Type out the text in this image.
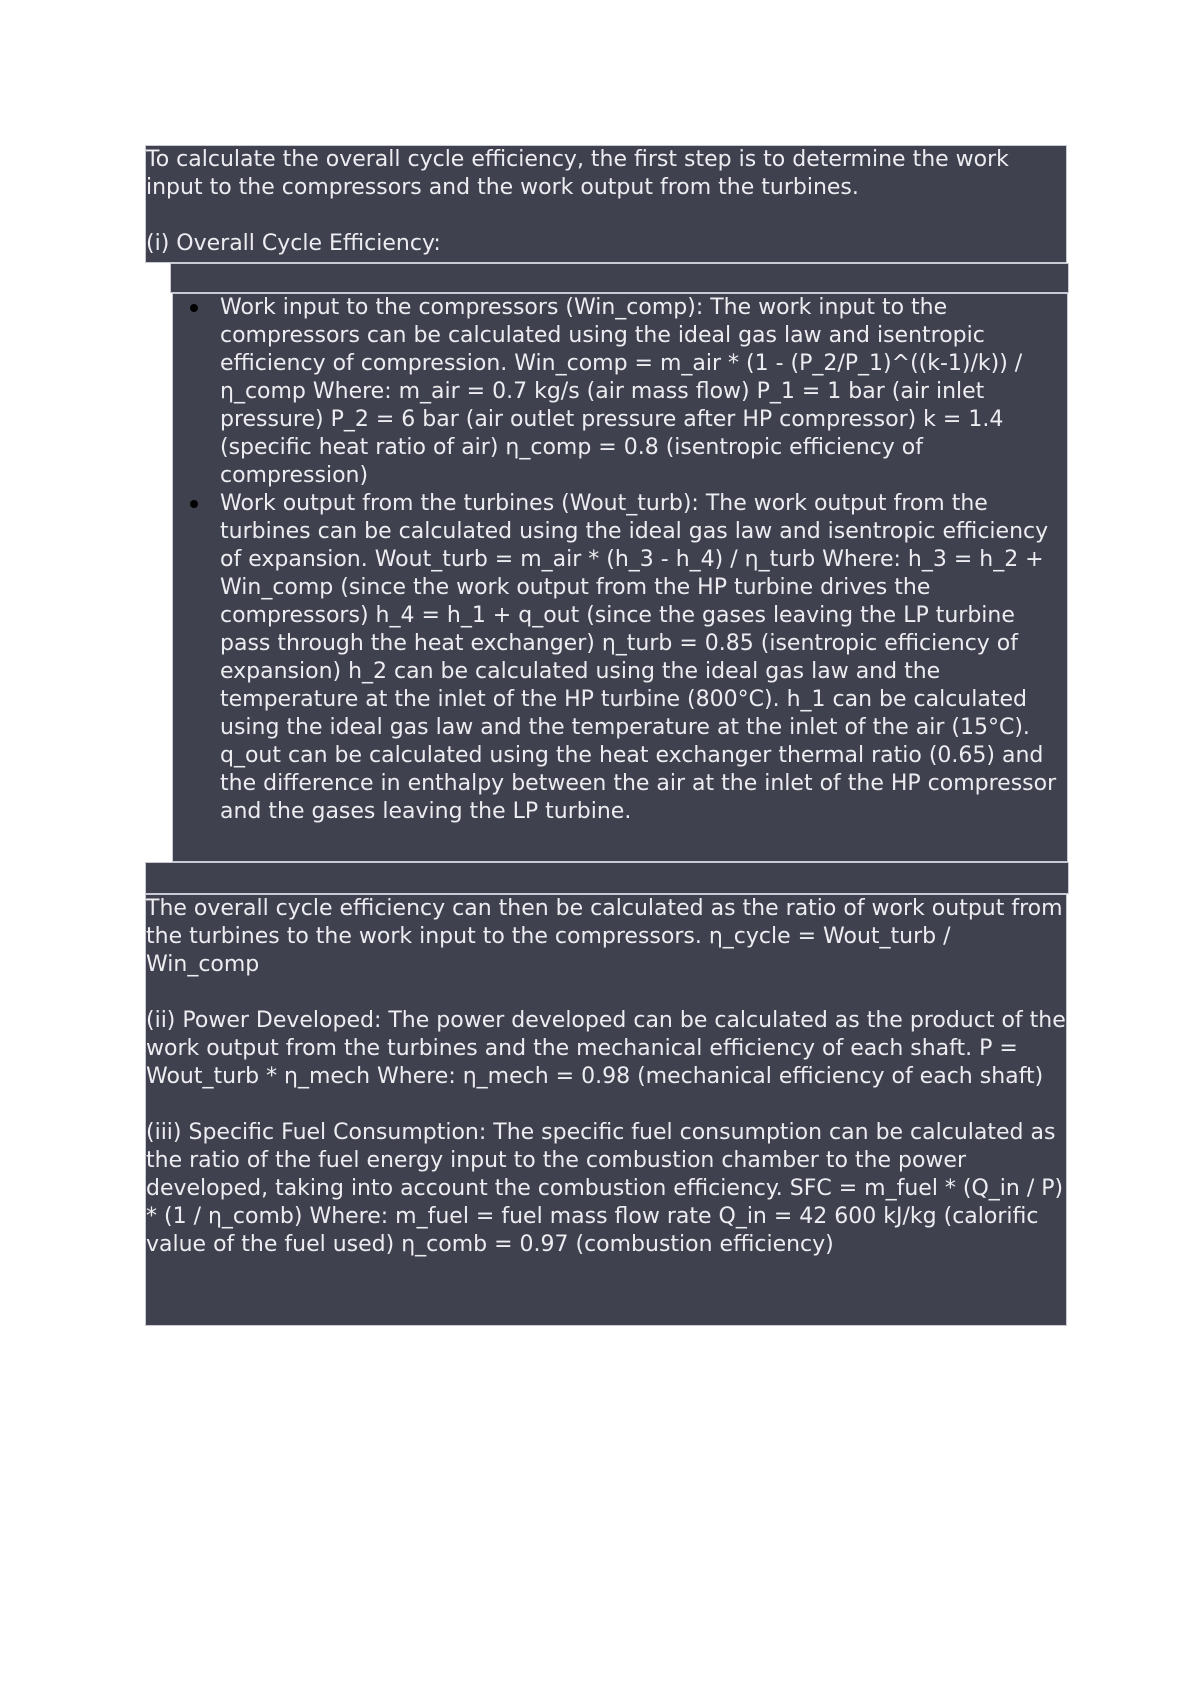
To calculate the overall cycle efficiency, the first step is to determine the work input to the compressors and the work output from the turbines.

(i) Overall Cycle Efficiency:

Work input to the compressors (Win_comp): The work input to the compressors can be calculated using the ideal gas law and isentropic efficiency of compression. Win_comp = m_air * (1 - (P_2/P_1)^((k-1)/k)) / η_comp Where: m_air = 0.7 kg/s (air mass flow) P_1 = 1 bar (air inlet pressure) P_2 = 6 bar (air outlet pressure after HP compressor) k = 1.4 (specific heat ratio of air) η_comp = 0.8 (isentropic efficiency of compression)
Work output from the turbines (Wout_turb): The work output from the turbines can be calculated using the ideal gas law and isentropic efficiency of expansion. Wout_turb = m_air * (h_3 - h_4) / η_turb Where: h_3 = h_2 + Win_comp (since the work output from the HP turbine drives the compressors) h_4 = h_1 + q_out (since the gases leaving the LP turbine pass through the heat exchanger) η_turb = 0.85 (isentropic efficiency of expansion) h_2 can be calculated using the ideal gas law and the temperature at the inlet of the HP turbine (800°C). h_1 can be calculated using the ideal gas law and the temperature at the inlet of the air (15°C). q_out can be calculated using the heat exchanger thermal ratio (0.65) and the difference in enthalpy between the air at the inlet of the HP compressor and the gases leaving the LP turbine.

The overall cycle efficiency can then be calculated as the ratio of work output from the turbines to the work input to the compressors. η_cycle = Wout_turb / Win_comp

(ii) Power Developed: The power developed can be calculated as the product of the work output from the turbines and the mechanical efficiency of each shaft. P = Wout_turb * η_mech Where: η_mech = 0.98 (mechanical efficiency of each shaft)

(iii) Specific Fuel Consumption: The specific fuel consumption can be calculated as the ratio of the fuel energy input to the combustion chamber to the power developed, taking into account the combustion efficiency. SFC = m_fuel * (Q_in / P) * (1 / η_comb) Where: m_fuel = fuel mass flow rate Q_in = 42 600 kJ/kg (calorific value of the fuel used) η_comb = 0.97 (combustion efficiency)
